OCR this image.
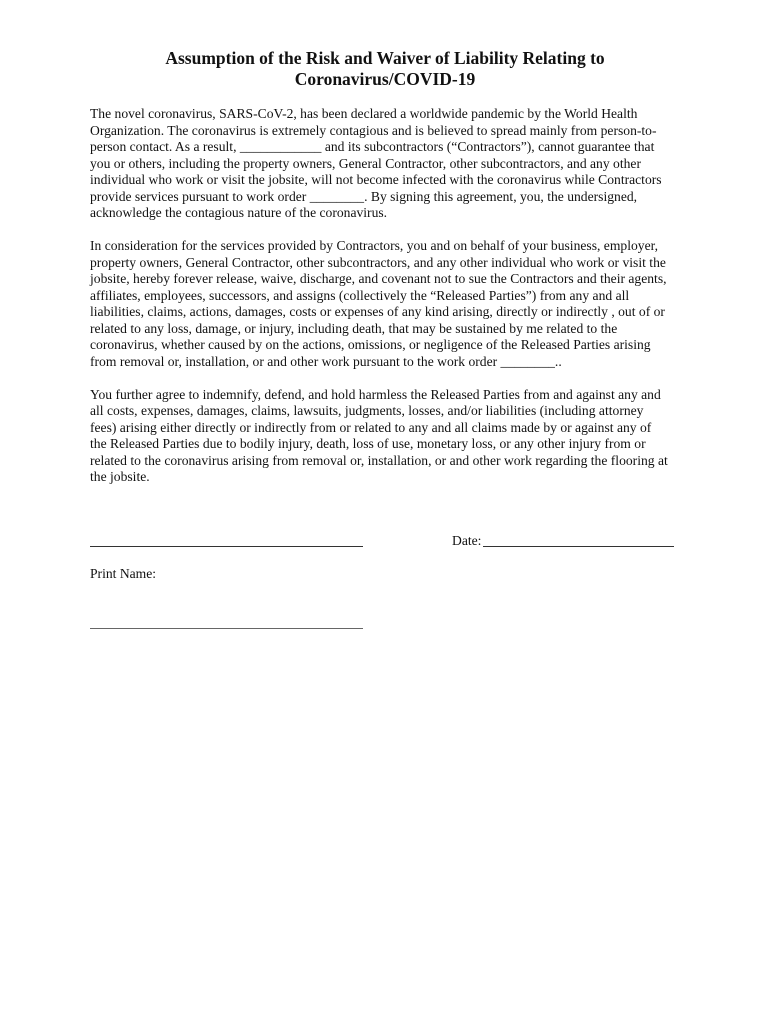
Assumption of the Risk and Waiver of Liability Relating to
Coronavirus/COVID-19
The novel coronavirus, SARS-CoV-2, has been declared a worldwide pandemic by the World Health
Organization. The coronavirus is extremely contagious and is believed to spread mainly from person-to-
person contact. As a result, ____________ and its subcontractors (“Contractors”), cannot guarantee that
you or others, including the property owners, General Contractor, other subcontractors, and any other
individual who work or visit the jobsite, will not become infected with the coronavirus while Contractors
provide services pursuant to work order ________. By signing this agreement, you, the undersigned,
acknowledge the contagious nature of the coronavirus.
In consideration for the services provided by Contractors, you and on behalf of your business, employer,
property owners, General Contractor, other subcontractors, and any other individual who work or visit the
jobsite, hereby forever release, waive, discharge, and covenant not to sue the Contractors and their agents,
affiliates, employees, successors, and assigns (collectively the “Released Parties”) from any and all
liabilities, claims, actions, damages, costs or expenses of any kind arising, directly or indirectly , out of or
related to any loss, damage, or injury, including death, that may be sustained by me related to the
coronavirus, whether caused by on the actions, omissions, or negligence of the Released Parties arising
from removal or, installation, or and other work pursuant to the work order ________..
You further agree to indemnify, defend, and hold harmless the Released Parties from and against any and
all costs, expenses, damages, claims, lawsuits, judgments, losses, and/or liabilities (including attorney
fees) arising either directly or indirectly from or related to any and all claims made by or against any of
the Released Parties due to bodily injury, death, loss of use, monetary loss, or any other injury from or
related to the coronavirus arising from removal or, installation, or and other work regarding the flooring at
the jobsite.
Date:
Print Name:
